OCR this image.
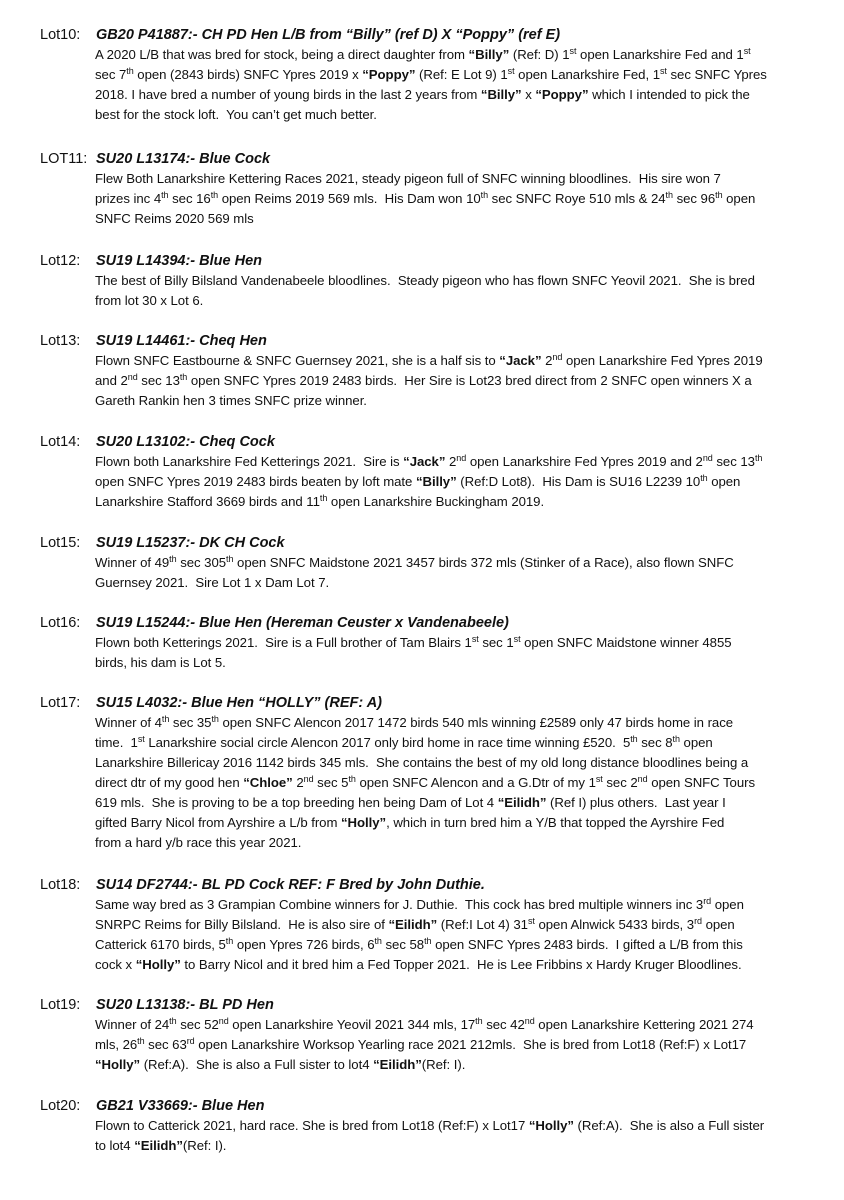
Lot10: GB20 P41887:- CH PD Hen L/B from “Billy” (ref D) X “Poppy” (ref E)
A 2020 L/B that was bred for stock, being a direct daughter from “Billy” (Ref: D) 1st open Lanarkshire Fed and 1st
sec 7th open (2843 birds) SNFC Ypres 2019 x “Poppy” (Ref: E Lot 9) 1st open Lanarkshire Fed, 1st sec SNFC Ypres
2018. I have bred a number of young birds in the last 2 years from “Billy” x “Poppy” which I intended to pick the
best for the stock loft.  You can’t get much better.
LOT11: SU20 L13174:- Blue Cock
Flew Both Lanarkshire Kettering Races 2021, steady pigeon full of SNFC winning bloodlines.  His sire won 7
prizes inc 4th sec 16th open Reims 2019 569 mls.  His Dam won 10th sec SNFC Roye 510 mls & 24th sec 96th open
SNFC Reims 2020 569 mls
Lot12: SU19 L14394:- Blue Hen
The best of Billy Bilsland Vandenabeele bloodlines.  Steady pigeon who has flown SNFC Yeovil 2021.  She is bred
from lot 30 x Lot 6.
Lot13: SU19 L14461:- Cheq Hen
Flown SNFC Eastbourne & SNFC Guernsey 2021, she is a half sis to “Jack” 2nd open Lanarkshire Fed Ypres 2019
and 2nd sec 13th open SNFC Ypres 2019 2483 birds.  Her Sire is Lot23 bred direct from 2 SNFC open winners X a
Gareth Rankin hen 3 times SNFC prize winner.
Lot14: SU20 L13102:- Cheq Cock
Flown both Lanarkshire Fed Ketterings 2021.  Sire is “Jack” 2nd open Lanarkshire Fed Ypres 2019 and 2nd sec 13th
open SNFC Ypres 2019 2483 birds beaten by loft mate “Billy” (Ref:D Lot8).  His Dam is SU16 L2239 10th open
Lanarkshire Stafford 3669 birds and 11th open Lanarkshire Buckingham 2019.
Lot15: SU19 L15237:- DK CH Cock
Winner of 49th sec 305th open SNFC Maidstone 2021 3457 birds 372 mls (Stinker of a Race), also flown SNFC
Guernsey 2021.  Sire Lot 1 x Dam Lot 7.
Lot16: SU19 L15244:- Blue Hen (Hereman Ceuster x Vandenabeele)
Flown both Ketterings 2021.  Sire is a Full brother of Tam Blairs 1st sec 1st open SNFC Maidstone winner 4855
birds, his dam is Lot 5.
Lot17: SU15 L4032:- Blue Hen “HOLLY” (REF: A)
Winner of 4th sec 35th open SNFC Alencon 2017 1472 birds 540 mls winning £2589 only 47 birds home in race
time.  1st Lanarkshire social circle Alencon 2017 only bird home in race time winning £520.  5th sec 8th open
Lanarkshire Billericay 2016 1142 birds 345 mls.  She contains the best of my old long distance bloodlines being a
direct dtr of my good hen “Chloe” 2nd sec 5th open SNFC Alencon and a G.Dtr of my 1st sec 2nd open SNFC Tours
619 mls.  She is proving to be a top breeding hen being Dam of Lot 4 “Eilidh” (Ref I) plus others.  Last year I
gifted Barry Nicol from Ayrshire a L/b from “Holly”, which in turn bred him a Y/B that topped the Ayrshire Fed
from a hard y/b race this year 2021.
Lot18: SU14 DF2744:- BL PD Cock REF: F Bred by John Duthie.
Same way bred as 3 Grampian Combine winners for J. Duthie.  This cock has bred multiple winners inc 3rd open
SNRPC Reims for Billy Bilsland.  He is also sire of “Eilidh” (Ref:I Lot 4) 31st open Alnwick 5433 birds, 3rd open
Catterick 6170 birds, 5th open Ypres 726 birds, 6th sec 58th open SNFC Ypres 2483 birds.  I gifted a L/B from this
cock x “Holly” to Barry Nicol and it bred him a Fed Topper 2021.  He is Lee Fribbins x Hardy Kruger Bloodlines.
Lot19: SU20 L13138:- BL PD Hen
Winner of 24th sec 52nd open Lanarkshire Yeovil 2021 344 mls, 17th sec 42nd open Lanarkshire Kettering 2021 274
mls, 26th sec 63rd open Lanarkshire Worksop Yearling race 2021 212mls.  She is bred from Lot18 (Ref:F) x Lot17
“Holly” (Ref:A).  She is also a Full sister to lot4 “Eilidh”(Ref: I).
Lot20: GB21 V33669:- Blue Hen
Flown to Catterick 2021, hard race. She is bred from Lot18 (Ref:F) x Lot17 “Holly” (Ref:A).  She is also a Full sister
to lot4 “Eilidh”(Ref: I).
